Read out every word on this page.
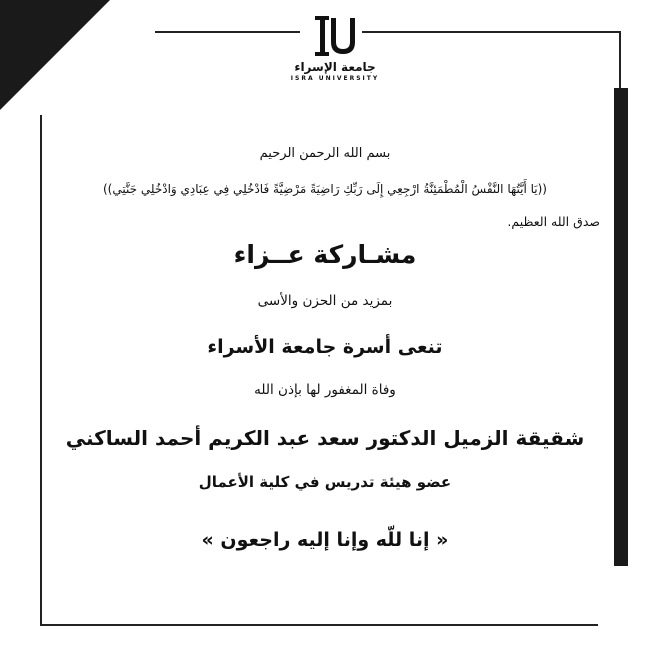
جامعة الإسراء
ISRA UNIVERSITY
بسم الله الرحمن الرحيم
((يَا أَيَّتُهَا النَّفْسُ الْمُطْمَئِنَّةُ ارْجِعِي إِلَى رَبِّكِ رَاضِيَةً مَرْضِيَّةً فَادْخُلِي فِي عِبَادِي وَادْخُلِي جَنَّتِي))
صدق الله العظيم.
مشـاركة عــزاء
بمزيد من الحزن والأسى
تنعى أسرة جامعة الأسراء
وفاة المغفور لها بإذن الله
شقيقة الزميل الدكتور سعد عبد الكريم أحمد الساكني
عضو هيئة تدريس في كلية الأعمال
« إنا للّه وإنا إليه راجعون »
